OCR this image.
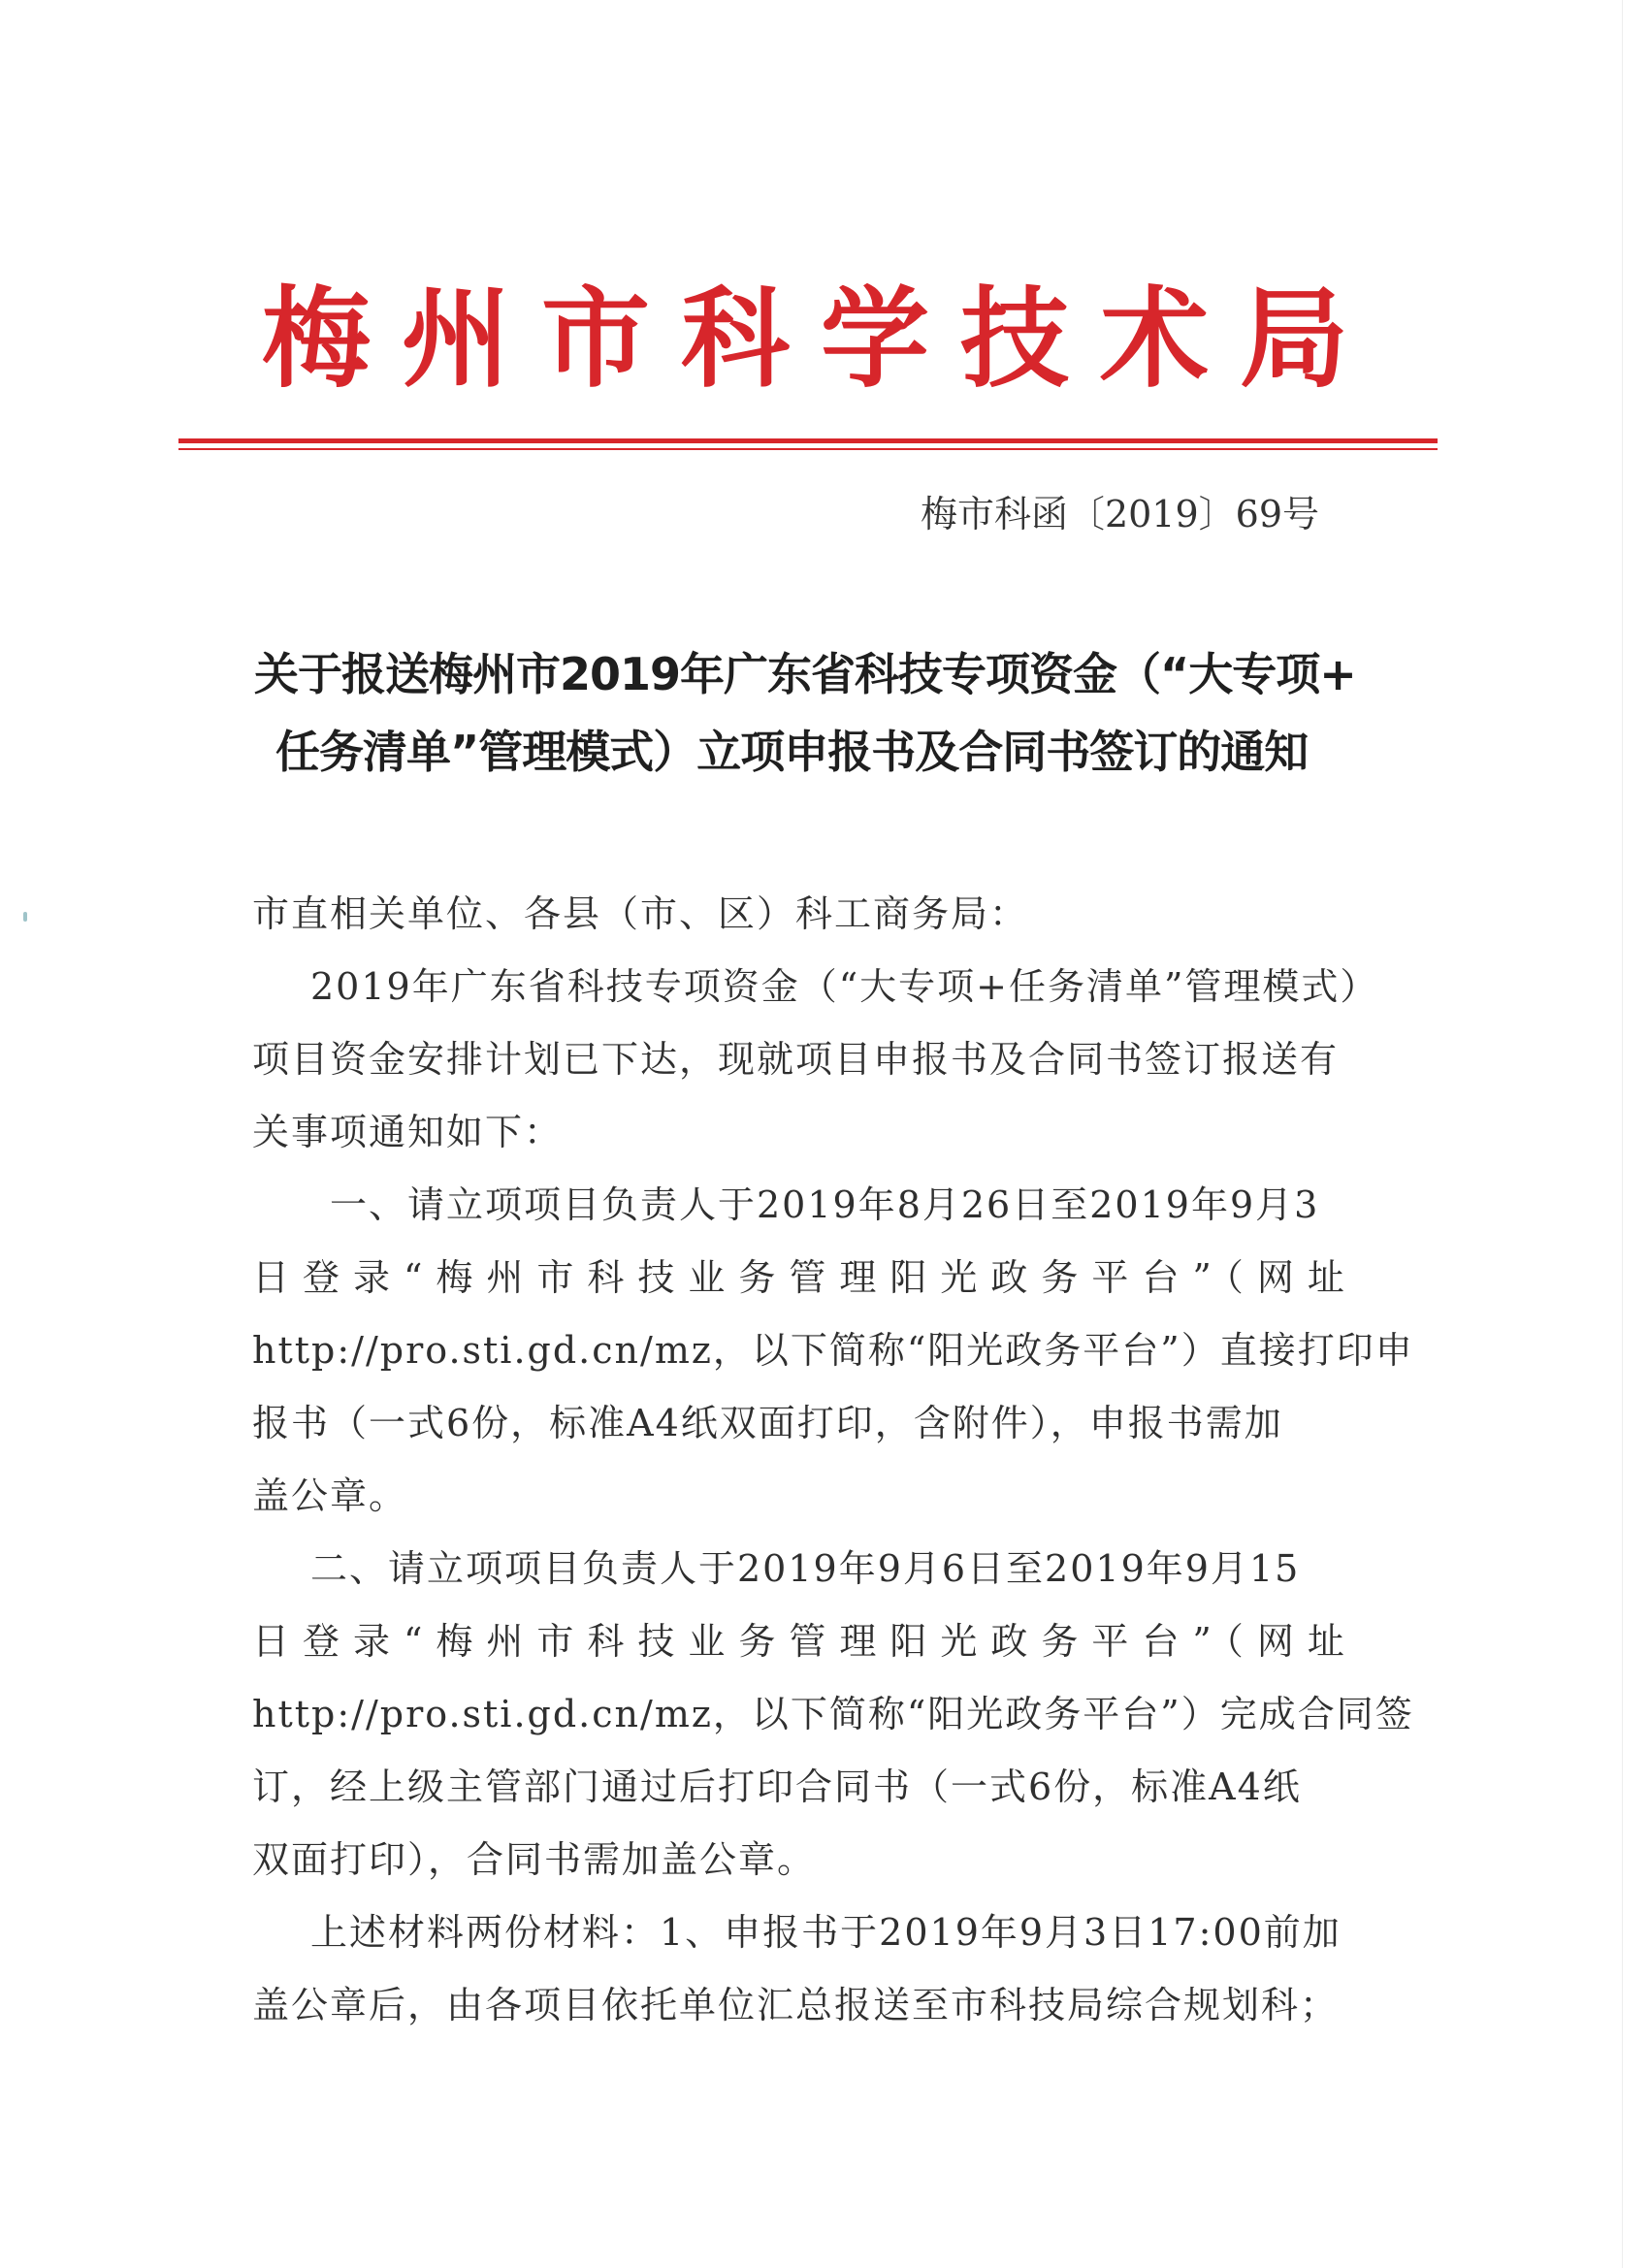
梅州市科学技术局
梅市科函〔2019〕69号
关于报送梅州市2019年广东省科技专项资金（“大专项+
任务清单”管理模式）立项申报书及合同书签订的通知
市直相关单位、各县（市、区）科工商务局：
2019年广东省科技专项资金（“大专项+任务清单”管理模式）
项目资金安排计划已下达，现就项目申报书及合同书签订报送有
关事项通知如下：
一、请立项项目负责人于2019年8月26日至2019年9月3
日登录“梅州市科技业务管理阳光政务平台”（网址
http://pro.sti.gd.cn/mz，以下简称“阳光政务平台”）直接打印申
报书（一式6份，标准A4纸双面打印，含附件），申报书需加
盖公章。
二、请立项项目负责人于2019年9月6日至2019年9月15
日登录“梅州市科技业务管理阳光政务平台”（网址
http://pro.sti.gd.cn/mz，以下简称“阳光政务平台”）完成合同签
订，经上级主管部门通过后打印合同书（一式6份，标准A4纸
双面打印），合同书需加盖公章。
上述材料两份材料：1、申报书于2019年9月3日17:00前加
盖公章后，由各项目依托单位汇总报送至市科技局综合规划科；
